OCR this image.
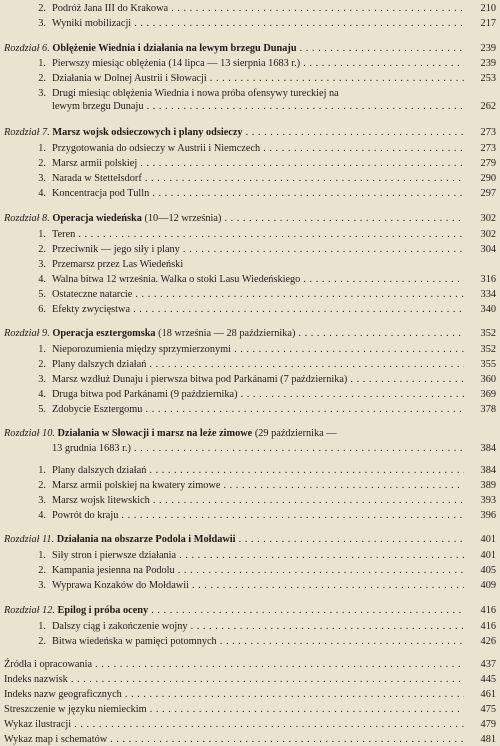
2. Podróż Jana III do Krakowa . . .	210
3. Wyniki mobilizacji . . .	217
Rozdział 6. Oblężenie Wiednia i działania na lewym brzegu Dunaju . . .	239
1. Pierwszy miesiąc oblężenia (14 lipca — 13 sierpnia 1683 r.) . . .	239
2. Działania w Dolnej Austrii i Słowacji . . .	253
3. Drugi miesiąc oblężenia Wiednia i nowa próba ofensywy tureckiej na
lewym brzegu Dunaju . . .	262
Rozdział 7. Marsz wojsk odsieczowych i plany odsieczy . . .	273
1. Przygotowania do odsieczy w Austrii i Niemczech . . .	273
2. Marsz armii polskiej . . .	279
3. Narada w Stettelsdorf . . .	290
4. Koncentracja pod Tulln . . .	297
Rozdział 8. Operacja wiedeńska (10—12 września) . . .	302
1. Teren . . .	302
2. Przeciwnik — jego siły i plany . . .	304
3. Przemarsz przez Las Wiedeński
4. Walna bitwa 12 września. Walka o stoki Lasu Wiedeńskiego . . .	316
5. Ostateczne natarcie . . .	334
6. Efekty zwycięstwa . . .	340
Rozdział 9. Operacja esztergomska (18 września — 28 października) . . .	352
1. Nieporozumienia między sprzymierzonymi . . .	352
2. Plany dalszych działań . . .	355
3. Marsz wzdłuż Dunaju i pierwsza bitwa pod Parkánami (7 października) . . .	360
4. Druga bitwa pod Parkánami (9 października) . . .	369
5. Zdobycie Esztergomu . . .	378
Rozdział 10. Działania w Słowacji i marsz na leże zimowe (29 października —
13 grudnia 1683 r.) . . .	384
1. Plany dalszych działań . . .	384
2. Marsz armii polskiej na kwatery zimowe . . .	389
3. Marsz wojsk litewskich . . .	393
4. Powrót do kraju . . .	396
Rozdział 11. Działania na obszarze Podola i Mołdawii . . .	401
1. Siły stron i pierwsze działania . . .	401
2. Kampania jesienna na Podolu . . .	405
3. Wyprawa Kozaków do Mołdawii . . .	409
Rozdział 12. Epilog i próba oceny . . .	416
1. Dalszy ciąg i zakończenie wojny . . .	416
2. Bitwa wiedeńska w pamięci potomnych . . .	426
Źródła i opracowania . . .	437
Indeks nazwisk . . .	445
Indeks nazw geograficznych . . .	461
Streszczenie w języku niemieckim . . .	475
Wykaz ilustracji . . .	479
Wykaz map i schematów . . .	481
